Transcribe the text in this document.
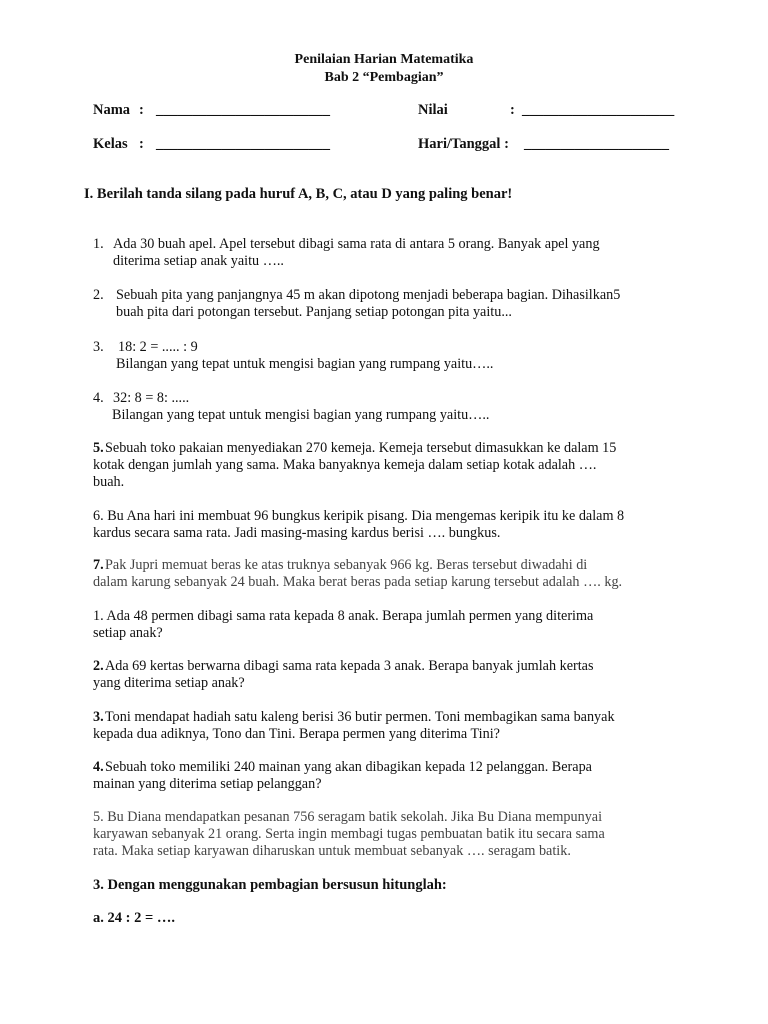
Penilaian Harian Matematika
Bab 2 “Pembagian”
Nama : ________________________	Nilai	: _____________________
Kelas : ________________________	Hari/Tanggal : ____________________
I. Berilah tanda silang pada huruf A, B, C, atau D yang paling benar!
1. Ada 30 buah apel. Apel tersebut dibagi sama rata di antara 5 orang. Banyak apel yang
diterima setiap anak yaitu …..
2. Sebuah pita yang panjangnya 45 m akan dipotong menjadi beberapa bagian. Dihasilkan5
buah pita dari potongan tersebut. Panjang setiap potongan pita yaitu...
3. 18: 2 = ..... : 9
Bilangan yang tepat untuk mengisi bagian yang rumpang yaitu…..
4. 32: 8 = 8: .....
Bilangan yang tepat untuk mengisi bagian yang rumpang yaitu…..
5. Sebuah toko pakaian menyediakan 270 kemeja. Kemeja tersebut dimasukkan ke dalam 15
kotak dengan jumlah yang sama. Maka banyaknya kemeja dalam setiap kotak adalah ….
buah.
6. Bu Ana hari ini membuat 96 bungkus keripik pisang. Dia mengemas keripik itu ke dalam 8
kardus secara sama rata. Jadi masing-masing kardus berisi …. bungkus.
7. Pak Jupri memuat beras ke atas truknya sebanyak 966 kg. Beras tersebut diwadahi di
dalam karung sebanyak 24 buah. Maka berat beras pada setiap karung tersebut adalah …. kg.
1. Ada 48 permen dibagi sama rata kepada 8 anak. Berapa jumlah permen yang diterima
setiap anak?
2. Ada 69 kertas berwarna dibagi sama rata kepada 3 anak. Berapa banyak jumlah kertas
yang diterima setiap anak?
3. Toni mendapat hadiah satu kaleng berisi 36 butir permen. Toni membagikan sama banyak
kepada dua adiknya, Tono dan Tini. Berapa permen yang diterima Tini?
4. Sebuah toko memiliki 240 mainan yang akan dibagikan kepada 12 pelanggan. Berapa
mainan yang diterima setiap pelanggan?
5. Bu Diana mendapatkan pesanan 756 seragam batik sekolah. Jika Bu Diana mempunyai
karyawan sebanyak 21 orang. Serta ingin membagi tugas pembuatan batik itu secara sama
rata. Maka setiap karyawan diharuskan untuk membuat sebanyak …. seragam batik.
3. Dengan menggunakan pembagian bersusun hitunglah:
a. 24 : 2 = ….
